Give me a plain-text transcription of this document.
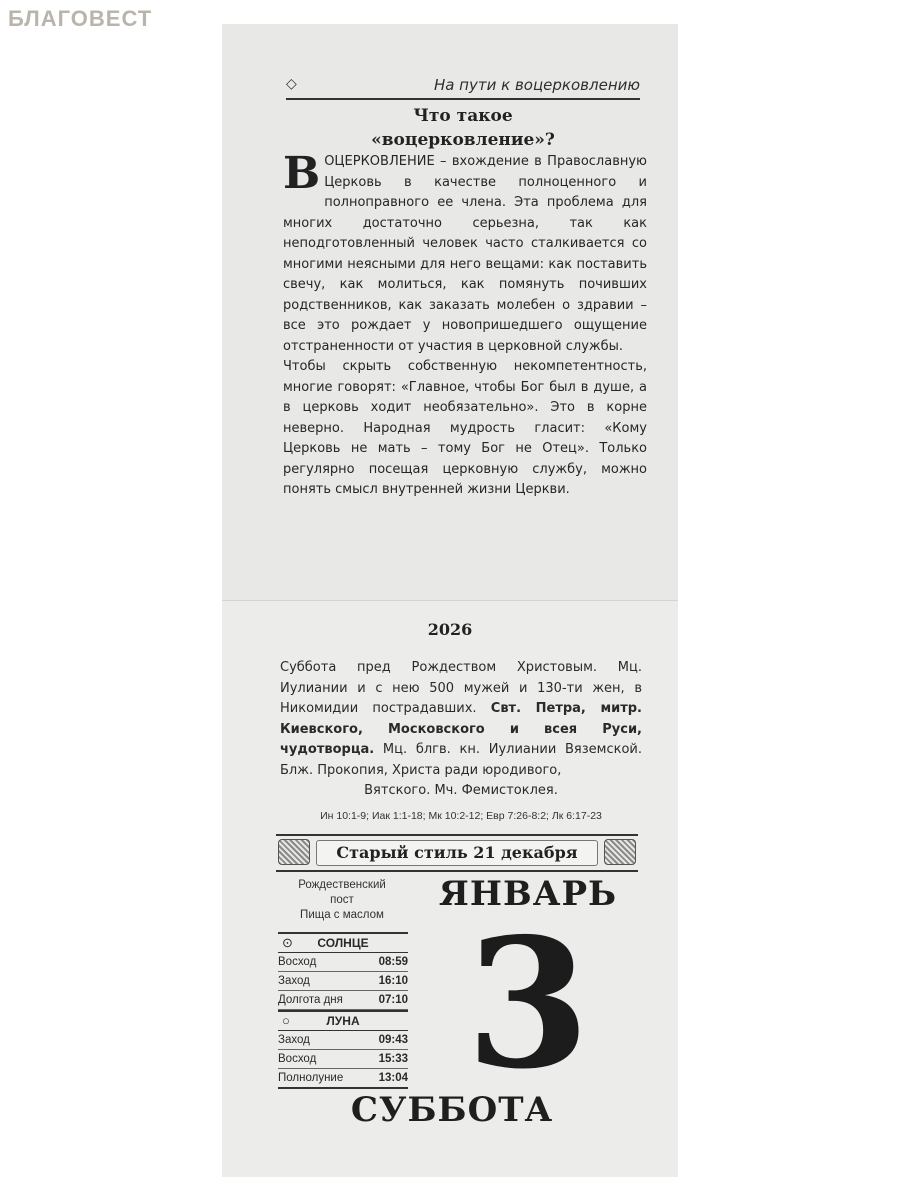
БЛАГОВЕСТ
◇	На пути к воцерковлению
Что такое
«воцерковление»?

ВОЦЕРКОВЛЕНИЕ – вхождение в Православную Церковь в качестве полноценного и полноправного ее члена. Эта проблема для многих достаточно серьезна, так как неподготовленный человек часто сталкивается со многими неясными для него вещами: как поставить свечу, как молиться, как помянуть почивших родственников, как заказать молебен о здравии – все это рождает у новопришедшего ощущение отстраненности от участия в церковной службы.

Чтобы скрыть собственную некомпетентность, многие говорят: «Главное, чтобы Бог был в душе, а в церковь ходит необязательно». Это в корне неверно. Народная мудрость гласит: «Кому Церковь не мать – тому Бог не Отец». Только регулярно посещая церковную службу, можно понять смысл внутренней жизни Церкви.

2026
Суббота пред Рождеством Христовым. Мц. Иулиании и с нею 500 мужей и 130-ти жен, в Никомидии пострадавших. Свт. Петра, митр. Киевского, Московского и всея Руси, чудотворца. Мц. блгв. кн. Иулиании Вяземской. Блж. Прокопия, Христа ради юродивого,
Вятского. Мч. Фемистоклея.
Ин 10:1-9; Иак 1:1-18; Мк 10:2-12; Евр 7:26-8:2; Лк 6:17-23
Старый стиль 21 декабря
Рождественский
пост
Пища с маслом
⊙ СОЛНЦЕ
Восход	08:59
Заход	16:10
Долгота дня	07:10
○	ЛУНА
Заход	09:43
Восход	15:33
Полнолуние	13:04
ЯНВАРЬ
3
СУББОТА
